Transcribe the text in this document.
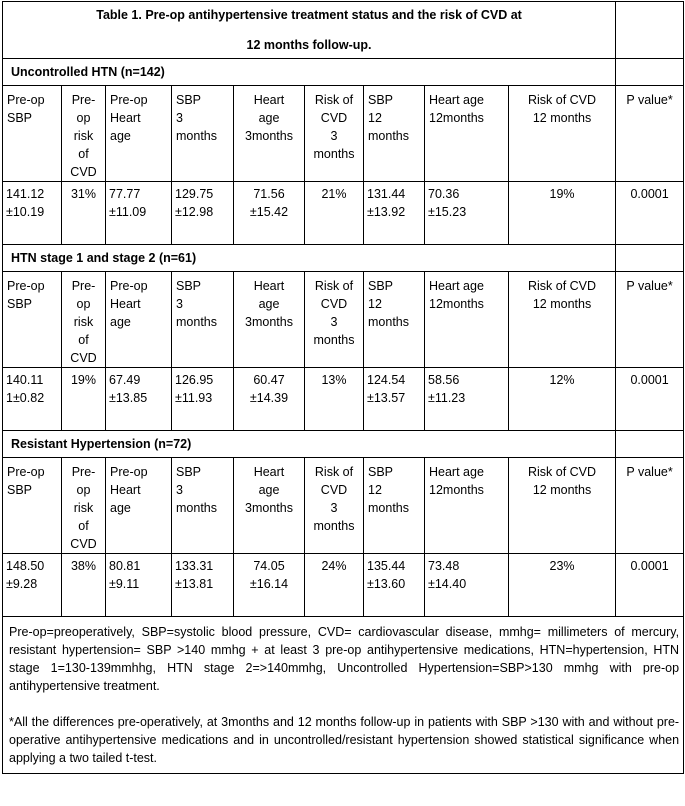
Table 1. Pre-op antihypertensive treatment status and the risk of CVD at
12 months follow-up.									

Uncontrolled HTN (n=142)									

Pre-op
SBP	Pre-
op
risk
of
CVD	Pre-op
Heart
age	SBP
3
months	Heart
age
3months	Risk of
CVD
3
months	SBP
12
months	Heart age
12months	Risk of CVD
12 months	P value*

141.12
±10.19	31%	77.77
±11.09	129.75
±12.98	71.56
±15.42	21%	131.44
±13.92	70.36
±15.23	19%	0.0001

HTN stage 1 and stage 2 (n=61)									

Pre-op
SBP	Pre-
op
risk
of
CVD	Pre-op
Heart
age	SBP
3
months	Heart
age
3months	Risk of
CVD
3
months	SBP
12
months	Heart age
12months	Risk of CVD
12 months	P value*

140.11
1±0.82	19%	67.49
±13.85	126.95
±11.93	60.47
±14.39	13%	124.54
±13.57	58.56
±11.23	12%	0.0001

Resistant Hypertension (n=72)									

Pre-op
SBP	Pre-
op
risk
of
CVD	Pre-op
Heart
age	SBP
3
months	Heart
age
3months	Risk of
CVD
3
months	SBP
12
months	Heart age
12months	Risk of CVD
12 months	P value*

148.50
±9.28	38%	80.81
±9.11	133.31
±13.81	74.05
±16.14	24%	135.44
±13.60	73.48
±14.40	23%	0.0001

Pre-op=preoperatively, SBP=systolic blood pressure, CVD= cardiovascular disease, mmhg= millimeters of mercury, resistant hypertension= SBP >140 mmhg + at least 3 pre-op antihypertensive medications, HTN=hypertension, HTN stage 1=130-139mmhhg, HTN stage 2=>140mmhg, Uncontrolled Hypertension=SBP>130 mmhg with pre-op antihypertensive treatment.

*All the differences pre-operatively, at 3months and 12 months follow-up in patients with SBP >130 with and without pre-operative antihypertensive medications and in uncontrolled/resistant hypertension showed statistical significance when applying a two tailed t-test.									
